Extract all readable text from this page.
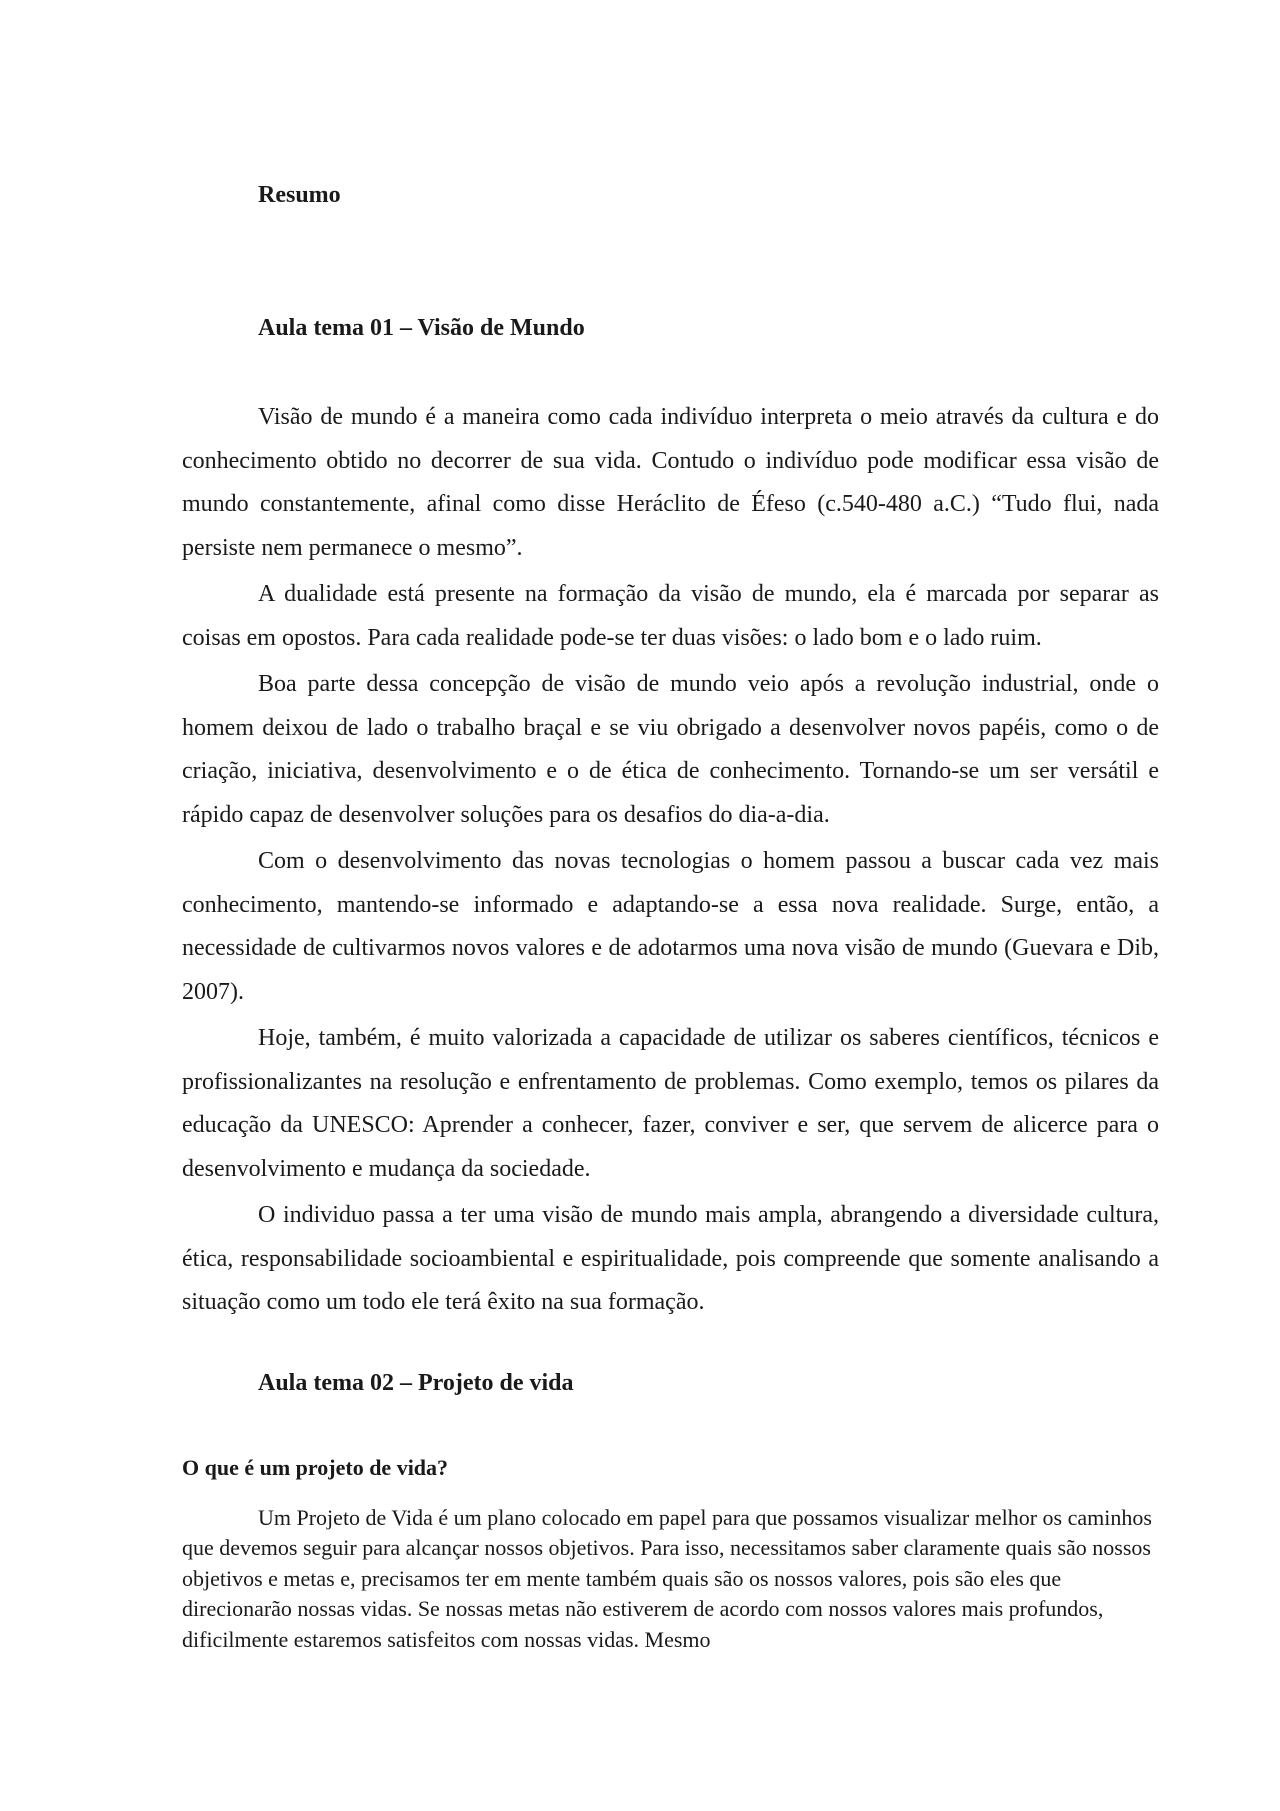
Resumo
Aula tema 01 – Visão de Mundo

Visão de mundo é a maneira como cada indivíduo interpreta o meio através da cultura e do conhecimento obtido no decorrer de sua vida. Contudo o indivíduo pode modificar essa visão de mundo constantemente, afinal como disse Heráclito de Éfeso (c.540-480 a.C.) “Tudo flui, nada persiste nem permanece o mesmo”.

A dualidade está presente na formação da visão de mundo, ela é marcada por separar as coisas em opostos. Para cada realidade pode-se ter duas visões: o lado bom e o lado ruim.

Boa parte dessa concepção de visão de mundo veio após a revolução industrial, onde o homem deixou de lado o trabalho braçal e se viu obrigado a desenvolver novos papéis, como o de criação, iniciativa, desenvolvimento e o de ética de conhecimento. Tornando-se um ser versátil e rápido capaz de desenvolver soluções para os desafios do dia-a-dia.

Com o desenvolvimento das novas tecnologias o homem passou a buscar cada vez mais conhecimento, mantendo-se informado e adaptando-se a essa nova realidade. Surge, então, a necessidade de cultivarmos novos valores e de adotarmos uma nova visão de mundo (Guevara e Dib, 2007).

Hoje, também, é muito valorizada a capacidade de utilizar os saberes científicos, técnicos e profissionalizantes na resolução e enfrentamento de problemas. Como exemplo, temos os pilares da educação da UNESCO: Aprender a conhecer, fazer, conviver e ser, que servem de alicerce para o desenvolvimento e mudança da sociedade.

O individuo passa a ter uma visão de mundo mais ampla, abrangendo a diversidade cultura, ética, responsabilidade socioambiental e espiritualidade, pois compreende que somente analisando a situação como um todo ele terá êxito na sua formação.

Aula tema 02 – Projeto de vida
O que é um projeto de vida?

Um Projeto de Vida é um plano colocado em papel para que possamos visualizar melhor os caminhos que devemos seguir para alcançar nossos objetivos. Para isso, necessitamos saber claramente quais são nossos objetivos e metas e, precisamos ter em mente também quais são os nossos valores, pois são eles que direcionarão nossas vidas. Se nossas metas não estiverem de acordo com nossos valores mais profundos, dificilmente estaremos satisfeitos com nossas vidas. Mesmo
